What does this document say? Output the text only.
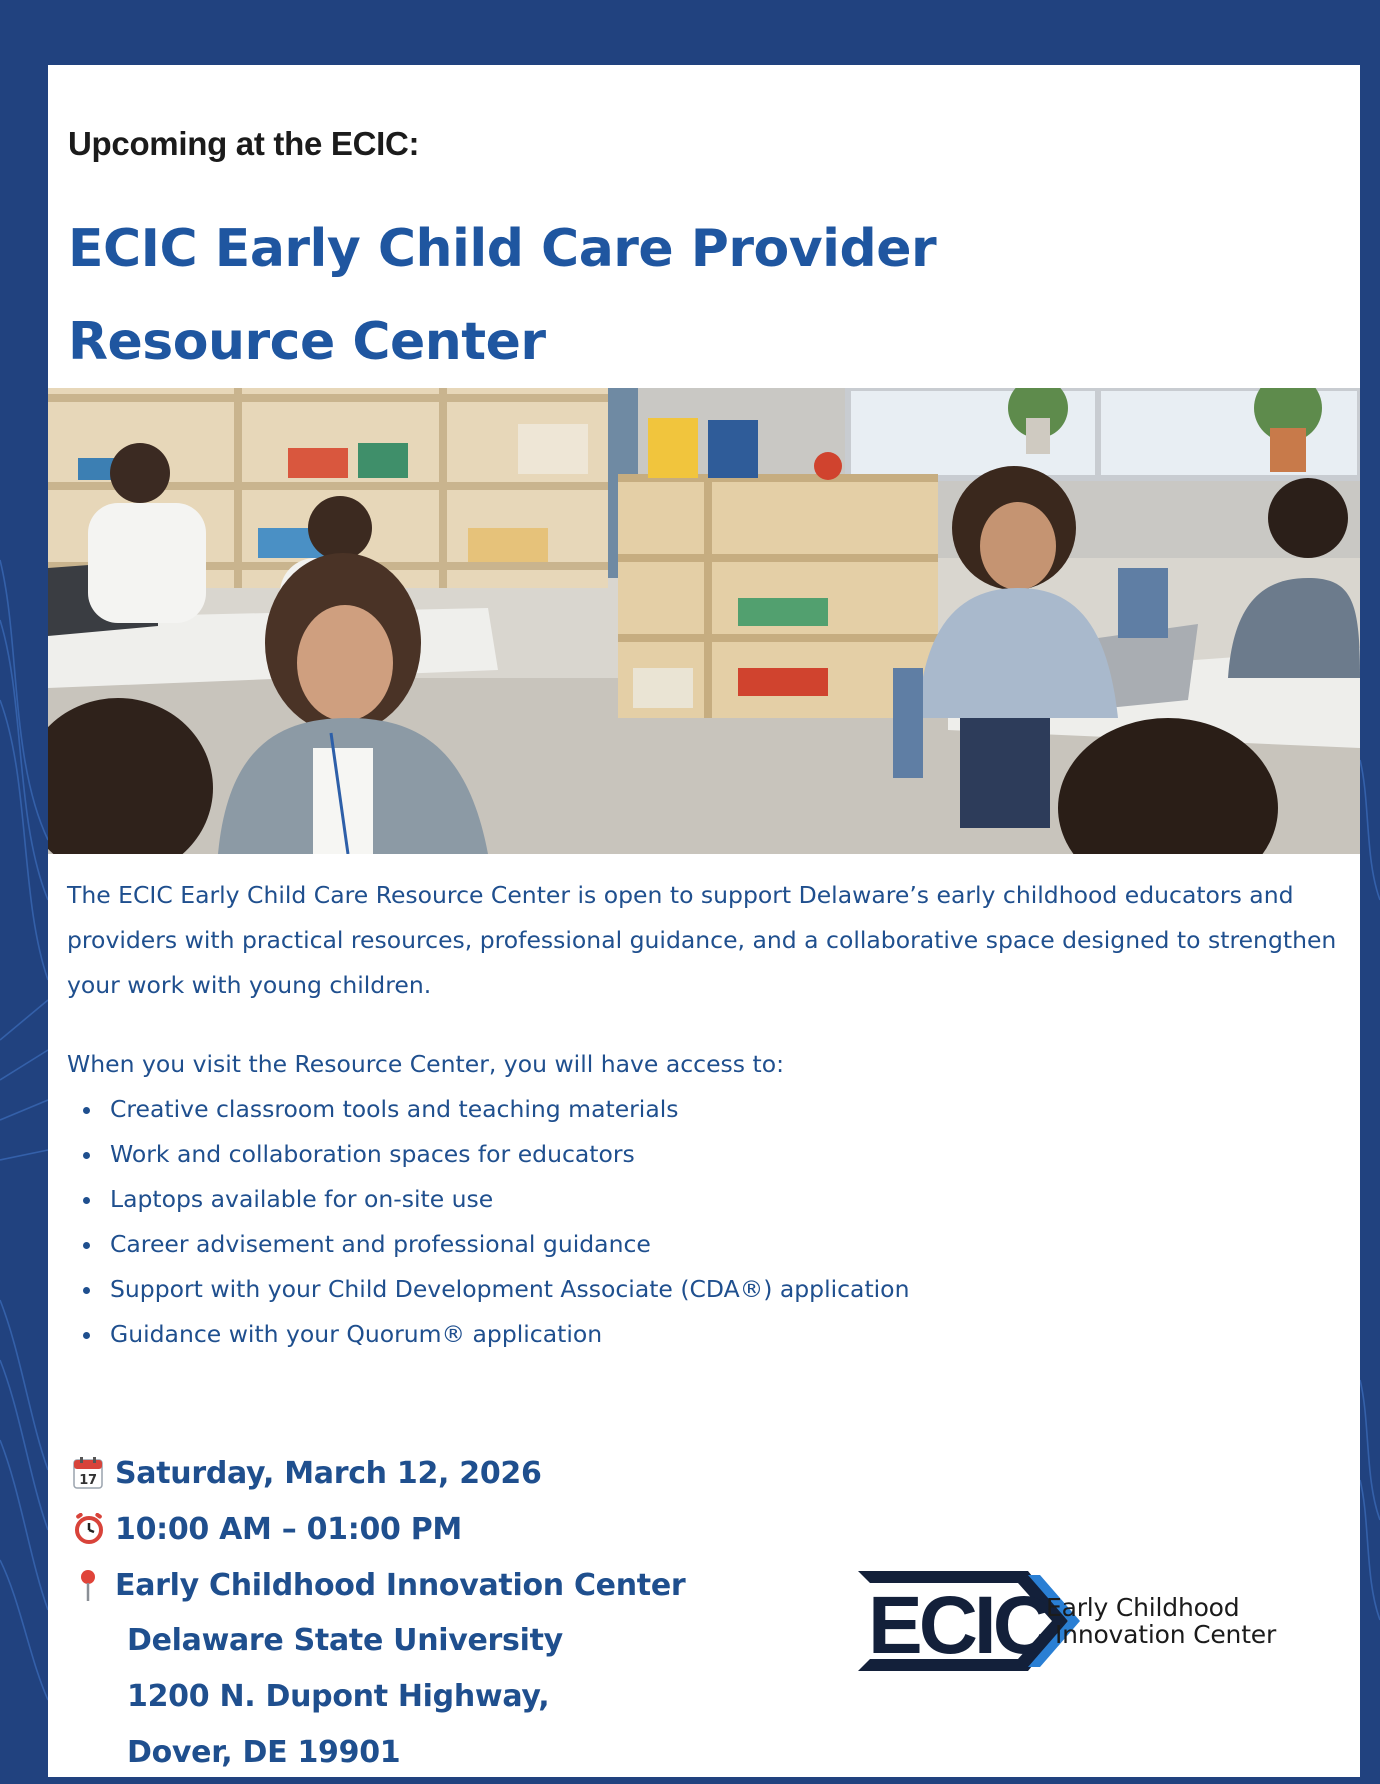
Upcoming at the ECIC:
ECIC Early Child Care Provider
Resource Center

The ECIC Early Child Care Resource Center is open to support Delaware’s early childhood educators and providers with practical resources, professional guidance, and a collaborative space designed to strengthen your work with young children.

When you visit the Resource Center, you will have access to:

Creative classroom tools and teaching materials
Work and collaboration spaces for educators
Laptops available for on-site use
Career advisement and professional guidance
Support with your Child Development Associate (CDA®) application
Guidance with your Quorum® application
17 Saturday, March 12, 2026
10:00 AM – 01:00 PM
Early Childhood Innovation Center
Delaware State University
1200 N. Dupont Highway,
Dover, DE 19901
ECIC
Early Childhood
Innovation Center
